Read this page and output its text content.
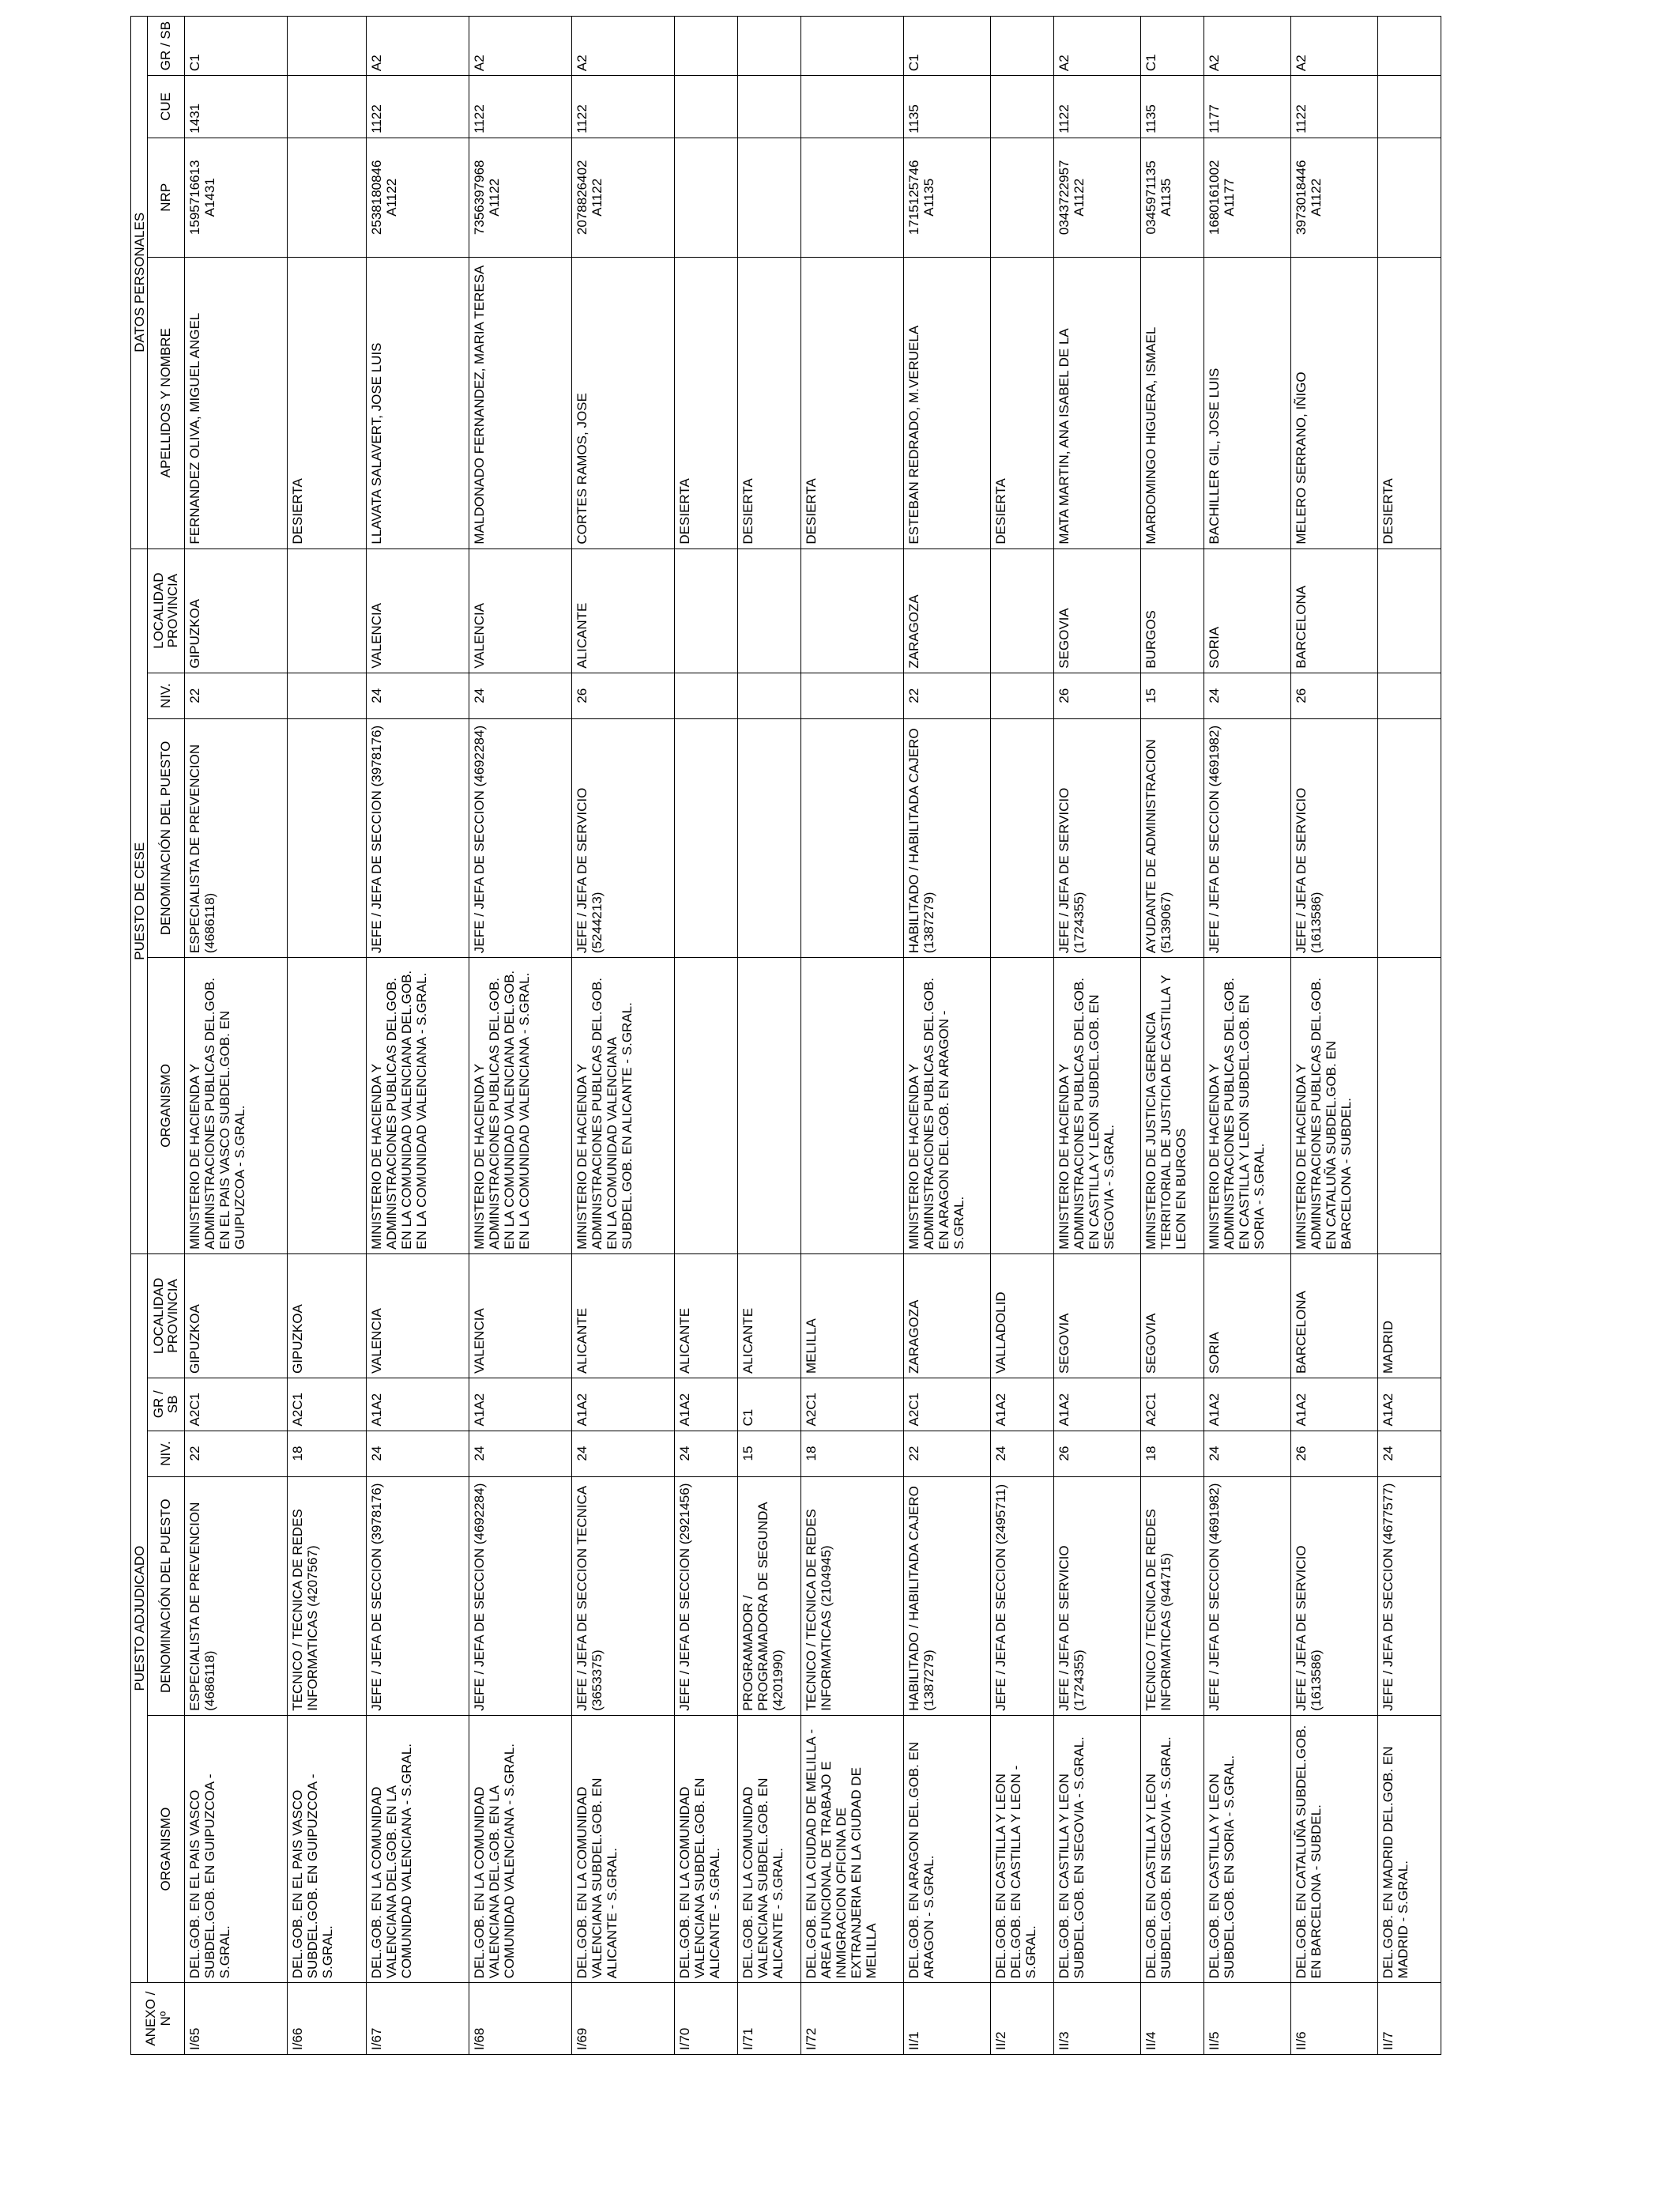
ANEXO / Nº	PUESTO ADJUDICADO					PUESTO DE CESE				DATOS PERSONALES			
	ORGANISMO	DENOMINACIÓN DEL PUESTO	NIV.	GR / SB	LOCALIDAD PROVINCIA	ORGANISMO	DENOMINACIÓN DEL PUESTO	NIV.	LOCALIDAD PROVINCIA	APELLIDOS Y NOMBRE	NRP	CUE	GR / SB
I/65	DEL.GOB. EN EL PAIS VASCO SUBDEL.GOB. EN GUIPUZCOA - S.GRAL.	ESPECIALISTA DE PREVENCION (4686118)	22	A2C1	GIPUZKOA	MINISTERIO DE HACIENDA Y ADMINISTRACIONES PUBLICAS DEL.GOB. EN EL PAIS VASCO SUBDEL.GOB. EN GUIPUZCOA - S.GRAL.	ESPECIALISTA DE PREVENCION (4686118)	22	GIPUZKOA	FERNANDEZ OLIVA, MIGUEL ANGEL	1595716613 A1431	1431	C1
I/66	DEL.GOB. EN EL PAIS VASCO SUBDEL.GOB. EN GUIPUZCOA - S.GRAL.	TECNICO / TECNICA DE REDES INFORMATICAS (4207567)	18	A2C1	GIPUZKOA					DESIERTA			
I/67	DEL.GOB. EN LA COMUNIDAD VALENCIANA DEL.GOB. EN LA COMUNIDAD VALENCIANA - S.GRAL.	JEFE / JEFA DE SECCION (3978176)	24	A1A2	VALENCIA	MINISTERIO DE HACIENDA Y ADMINISTRACIONES PUBLICAS DEL.GOB. EN LA COMUNIDAD VALENCIANA DEL.GOB. EN LA COMUNIDAD VALENCIANA - S.GRAL.	JEFE / JEFA DE SECCION (3978176)	24	VALENCIA	LLAVATA SALAVERT, JOSE LUIS	2538180846 A1122	1122	A2
I/68	DEL.GOB. EN LA COMUNIDAD VALENCIANA DEL.GOB. EN LA COMUNIDAD VALENCIANA - S.GRAL.	JEFE / JEFA DE SECCION (4692284)	24	A1A2	VALENCIA	MINISTERIO DE HACIENDA Y ADMINISTRACIONES PUBLICAS DEL.GOB. EN LA COMUNIDAD VALENCIANA DEL.GOB. EN LA COMUNIDAD VALENCIANA - S.GRAL.	JEFE / JEFA DE SECCION (4692284)	24	VALENCIA	MALDONADO FERNANDEZ, MARIA TERESA	7356397968 A1122	1122	A2
I/69	DEL.GOB. EN LA COMUNIDAD VALENCIANA SUBDEL.GOB. EN ALICANTE - S.GRAL.	JEFE / JEFA DE SECCION TECNICA (3653375)	24	A1A2	ALICANTE	MINISTERIO DE HACIENDA Y ADMINISTRACIONES PUBLICAS DEL.GOB. EN LA COMUNIDAD VALENCIANA SUBDEL.GOB. EN ALICANTE - S.GRAL.	JEFE / JEFA DE SERVICIO (5244213)	26	ALICANTE	CORTES RAMOS, JOSE	2078826402 A1122	1122	A2
I/70	DEL.GOB. EN LA COMUNIDAD VALENCIANA SUBDEL.GOB. EN ALICANTE - S.GRAL.	JEFE / JEFA DE SECCION (2921456)	24	A1A2	ALICANTE					DESIERTA			
I/71	DEL.GOB. EN LA COMUNIDAD VALENCIANA SUBDEL.GOB. EN ALICANTE - S.GRAL.	PROGRAMADOR / PROGRAMADORA DE SEGUNDA (4201990)	15	C1	ALICANTE					DESIERTA			
I/72	DEL.GOB. EN LA CIUDAD DE MELILLA - AREA FUNCIONAL DE TRABAJO E INMIGRACION OFICINA DE EXTRANJERIA EN LA CIUDAD DE MELILLA	TECNICO / TECNICA DE REDES INFORMATICAS (2104945)	18	A2C1	MELILLA					DESIERTA			
II/1	DEL.GOB. EN ARAGON DEL.GOB. EN ARAGON - S.GRAL.	HABILITADO / HABILITADA CAJERO (1387279)	22	A2C1	ZARAGOZA	MINISTERIO DE HACIENDA Y ADMINISTRACIONES PUBLICAS DEL.GOB. EN ARAGON DEL.GOB. EN ARAGON - S.GRAL.	HABILITADO / HABILITADA CAJERO (1387279)	22	ZARAGOZA	ESTEBAN REDRADO, M.VERUELA	1715125746 A1135	1135	C1
II/2	DEL.GOB. EN CASTILLA Y LEON DEL.GOB. EN CASTILLA Y LEON - S.GRAL.	JEFE / JEFA DE SECCION (2495711)	24	A1A2	VALLADOLID					DESIERTA			
II/3	DEL.GOB. EN CASTILLA Y LEON SUBDEL.GOB. EN SEGOVIA - S.GRAL.	JEFE / JEFA DE SERVICIO (1724355)	26	A1A2	SEGOVIA	MINISTERIO DE HACIENDA Y ADMINISTRACIONES PUBLICAS DEL.GOB. EN CASTILLA Y LEON SUBDEL.GOB. EN SEGOVIA - S.GRAL.	JEFE / JEFA DE SERVICIO (1724355)	26	SEGOVIA	MATA MARTIN, ANA ISABEL DE LA	0343722957 A1122	1122	A2
II/4	DEL.GOB. EN CASTILLA Y LEON SUBDEL.GOB. EN SEGOVIA - S.GRAL.	TECNICO / TECNICA DE REDES INFORMATICAS (944715)	18	A2C1	SEGOVIA	MINISTERIO DE JUSTICIA GERENCIA TERRITORIAL DE JUSTICIA DE CASTILLA Y LEON EN BURGOS	AYUDANTE DE ADMINISTRACION (5139067)	15	BURGOS	MARDOMINGO HIGUERA, ISMAEL	0345971135 A1135	1135	C1
II/5	DEL.GOB. EN CASTILLA Y LEON SUBDEL.GOB. EN SORIA - S.GRAL.	JEFE / JEFA DE SECCION (4691982)	24	A1A2	SORIA	MINISTERIO DE HACIENDA Y ADMINISTRACIONES PUBLICAS DEL.GOB. EN CASTILLA Y LEON SUBDEL.GOB. EN SORIA - S.GRAL.	JEFE / JEFA DE SECCION (4691982)	24	SORIA	BACHILLER GIL, JOSE LUIS	1680161002 A1177	1177	A2
II/6	DEL.GOB. EN CATALUÑA SUBDEL.GOB. EN BARCELONA - SUBDEL.	JEFE / JEFA DE SERVICIO (1613586)	26	A1A2	BARCELONA	MINISTERIO DE HACIENDA Y ADMINISTRACIONES PUBLICAS DEL.GOB. EN CATALUÑA SUBDEL.GOB. EN BARCELONA - SUBDEL.	JEFE / JEFA DE SERVICIO (1613586)	26	BARCELONA	MELERO SERRANO, IÑIGO	3973018446 A1122	1122	A2
II/7	DEL.GOB. EN MADRID DEL.GOB. EN MADRID - S.GRAL.	JEFE / JEFA DE SECCION (4677577)	24	A1A2	MADRID					DESIERTA			
